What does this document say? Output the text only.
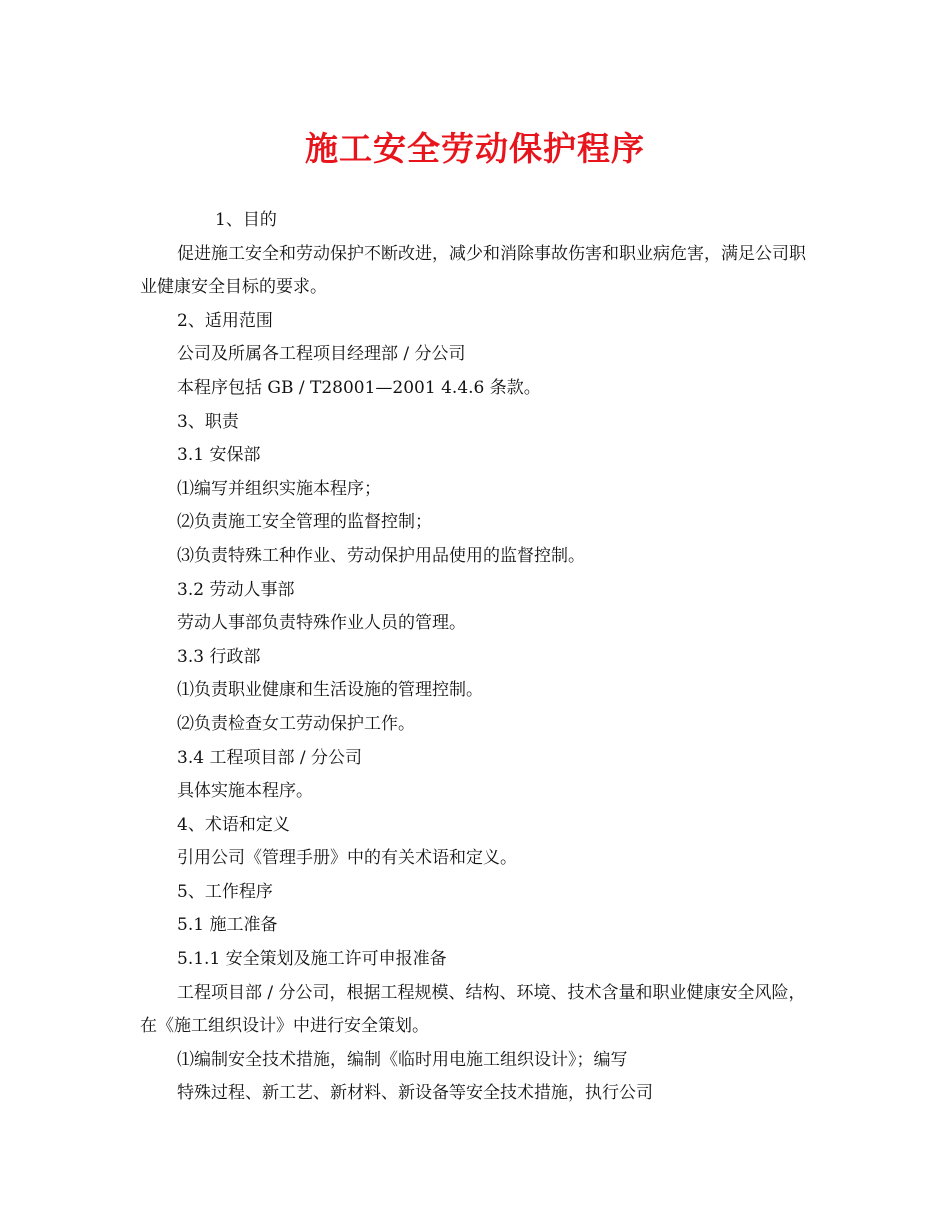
施工安全劳动保护程序

1、目的

促进施工安全和劳动保护不断改进，减少和消除事故伤害和职业病危害，满足公司职业健康安全目标的要求。

2、适用范围

公司及所属各工程项目经理部 / 分公司

本程序包括 GB / T28001—2001 4.4.6 条款。

3、职责

3.1 安保部

⑴编写并组织实施本程序；

⑵负责施工安全管理的监督控制；

⑶负责特殊工种作业、劳动保护用品使用的监督控制。

3.2 劳动人事部

劳动人事部负责特殊作业人员的管理。

3.3 行政部

⑴负责职业健康和生活设施的管理控制。

⑵负责检查女工劳动保护工作。

3.4 工程项目部 / 分公司

具体实施本程序。

4、术语和定义

引用公司《管理手册》中的有关术语和定义。

5、工作程序

5.1 施工准备

5.1.1 安全策划及施工许可申报准备

工程项目部 / 分公司，根据工程规模、结构、环境、技术含量和职业健康安全风险，在《施工组织设计》中进行安全策划。

⑴编制安全技术措施，编制《临时用电施工组织设计》；编写

特殊过程、新工艺、新材料、新设备等安全技术措施，执行公司
